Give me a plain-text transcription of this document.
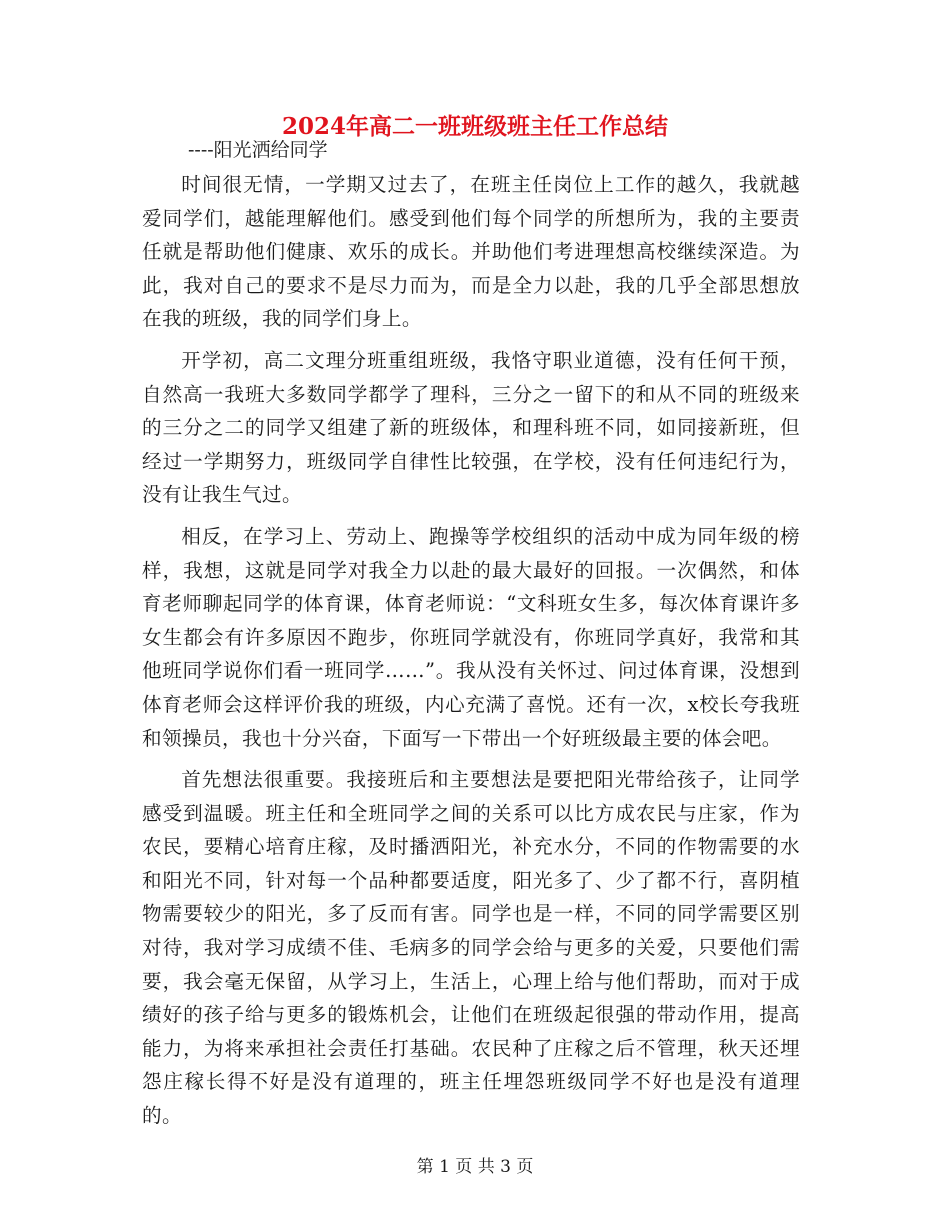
2024年高二一班班级班主任工作总结

----阳光洒给同学

时间很无情，一学期又过去了，在班主任岗位上工作的越久，我就越爱同学们，越能理解他们。感受到他们每个同学的所想所为，我的主要责任就是帮助他们健康、欢乐的成长。并助他们考进理想高校继续深造。为此，我对自己的要求不是尽力而为，而是全力以赴，我的几乎全部思想放在我的班级，我的同学们身上。

开学初，高二文理分班重组班级，我恪守职业道德，没有任何干预，自然高一我班大多数同学都学了理科，三分之一留下的和从不同的班级来的三分之二的同学又组建了新的班级体，和理科班不同，如同接新班，但经过一学期努力，班级同学自律性比较强，在学校，没有任何违纪行为，没有让我生气过。

相反，在学习上、劳动上、跑操等学校组织的活动中成为同年级的榜样，我想，这就是同学对我全力以赴的最大最好的回报。一次偶然，和体育老师聊起同学的体育课，体育老师说：“文科班女生多，每次体育课许多女生都会有许多原因不跑步，你班同学就没有，你班同学真好，我常和其他班同学说你们看一班同学……”。我从没有关怀过、问过体育课，没想到体育老师会这样评价我的班级，内心充满了喜悦。还有一次，x校长夸我班和领操员，我也十分兴奋，下面写一下带出一个好班级最主要的体会吧。

首先想法很重要。我接班后和主要想法是要把阳光带给孩子，让同学感受到温暖。班主任和全班同学之间的关系可以比方成农民与庄家，作为农民，要精心培育庄稼，及时播洒阳光，补充水分，不同的作物需要的水和阳光不同，针对每一个品种都要适度，阳光多了、少了都不行，喜阴植物需要较少的阳光，多了反而有害。同学也是一样，不同的同学需要区别对待，我对学习成绩不佳、毛病多的同学会给与更多的关爱，只要他们需要，我会毫无保留，从学习上，生活上，心理上给与他们帮助，而对于成绩好的孩子给与更多的锻炼机会，让他们在班级起很强的带动作用，提高能力，为将来承担社会责任打基础。农民种了庄稼之后不管理，秋天还埋怨庄稼长得不好是没有道理的，班主任埋怨班级同学不好也是没有道理的。

第 1 页 共 3 页
